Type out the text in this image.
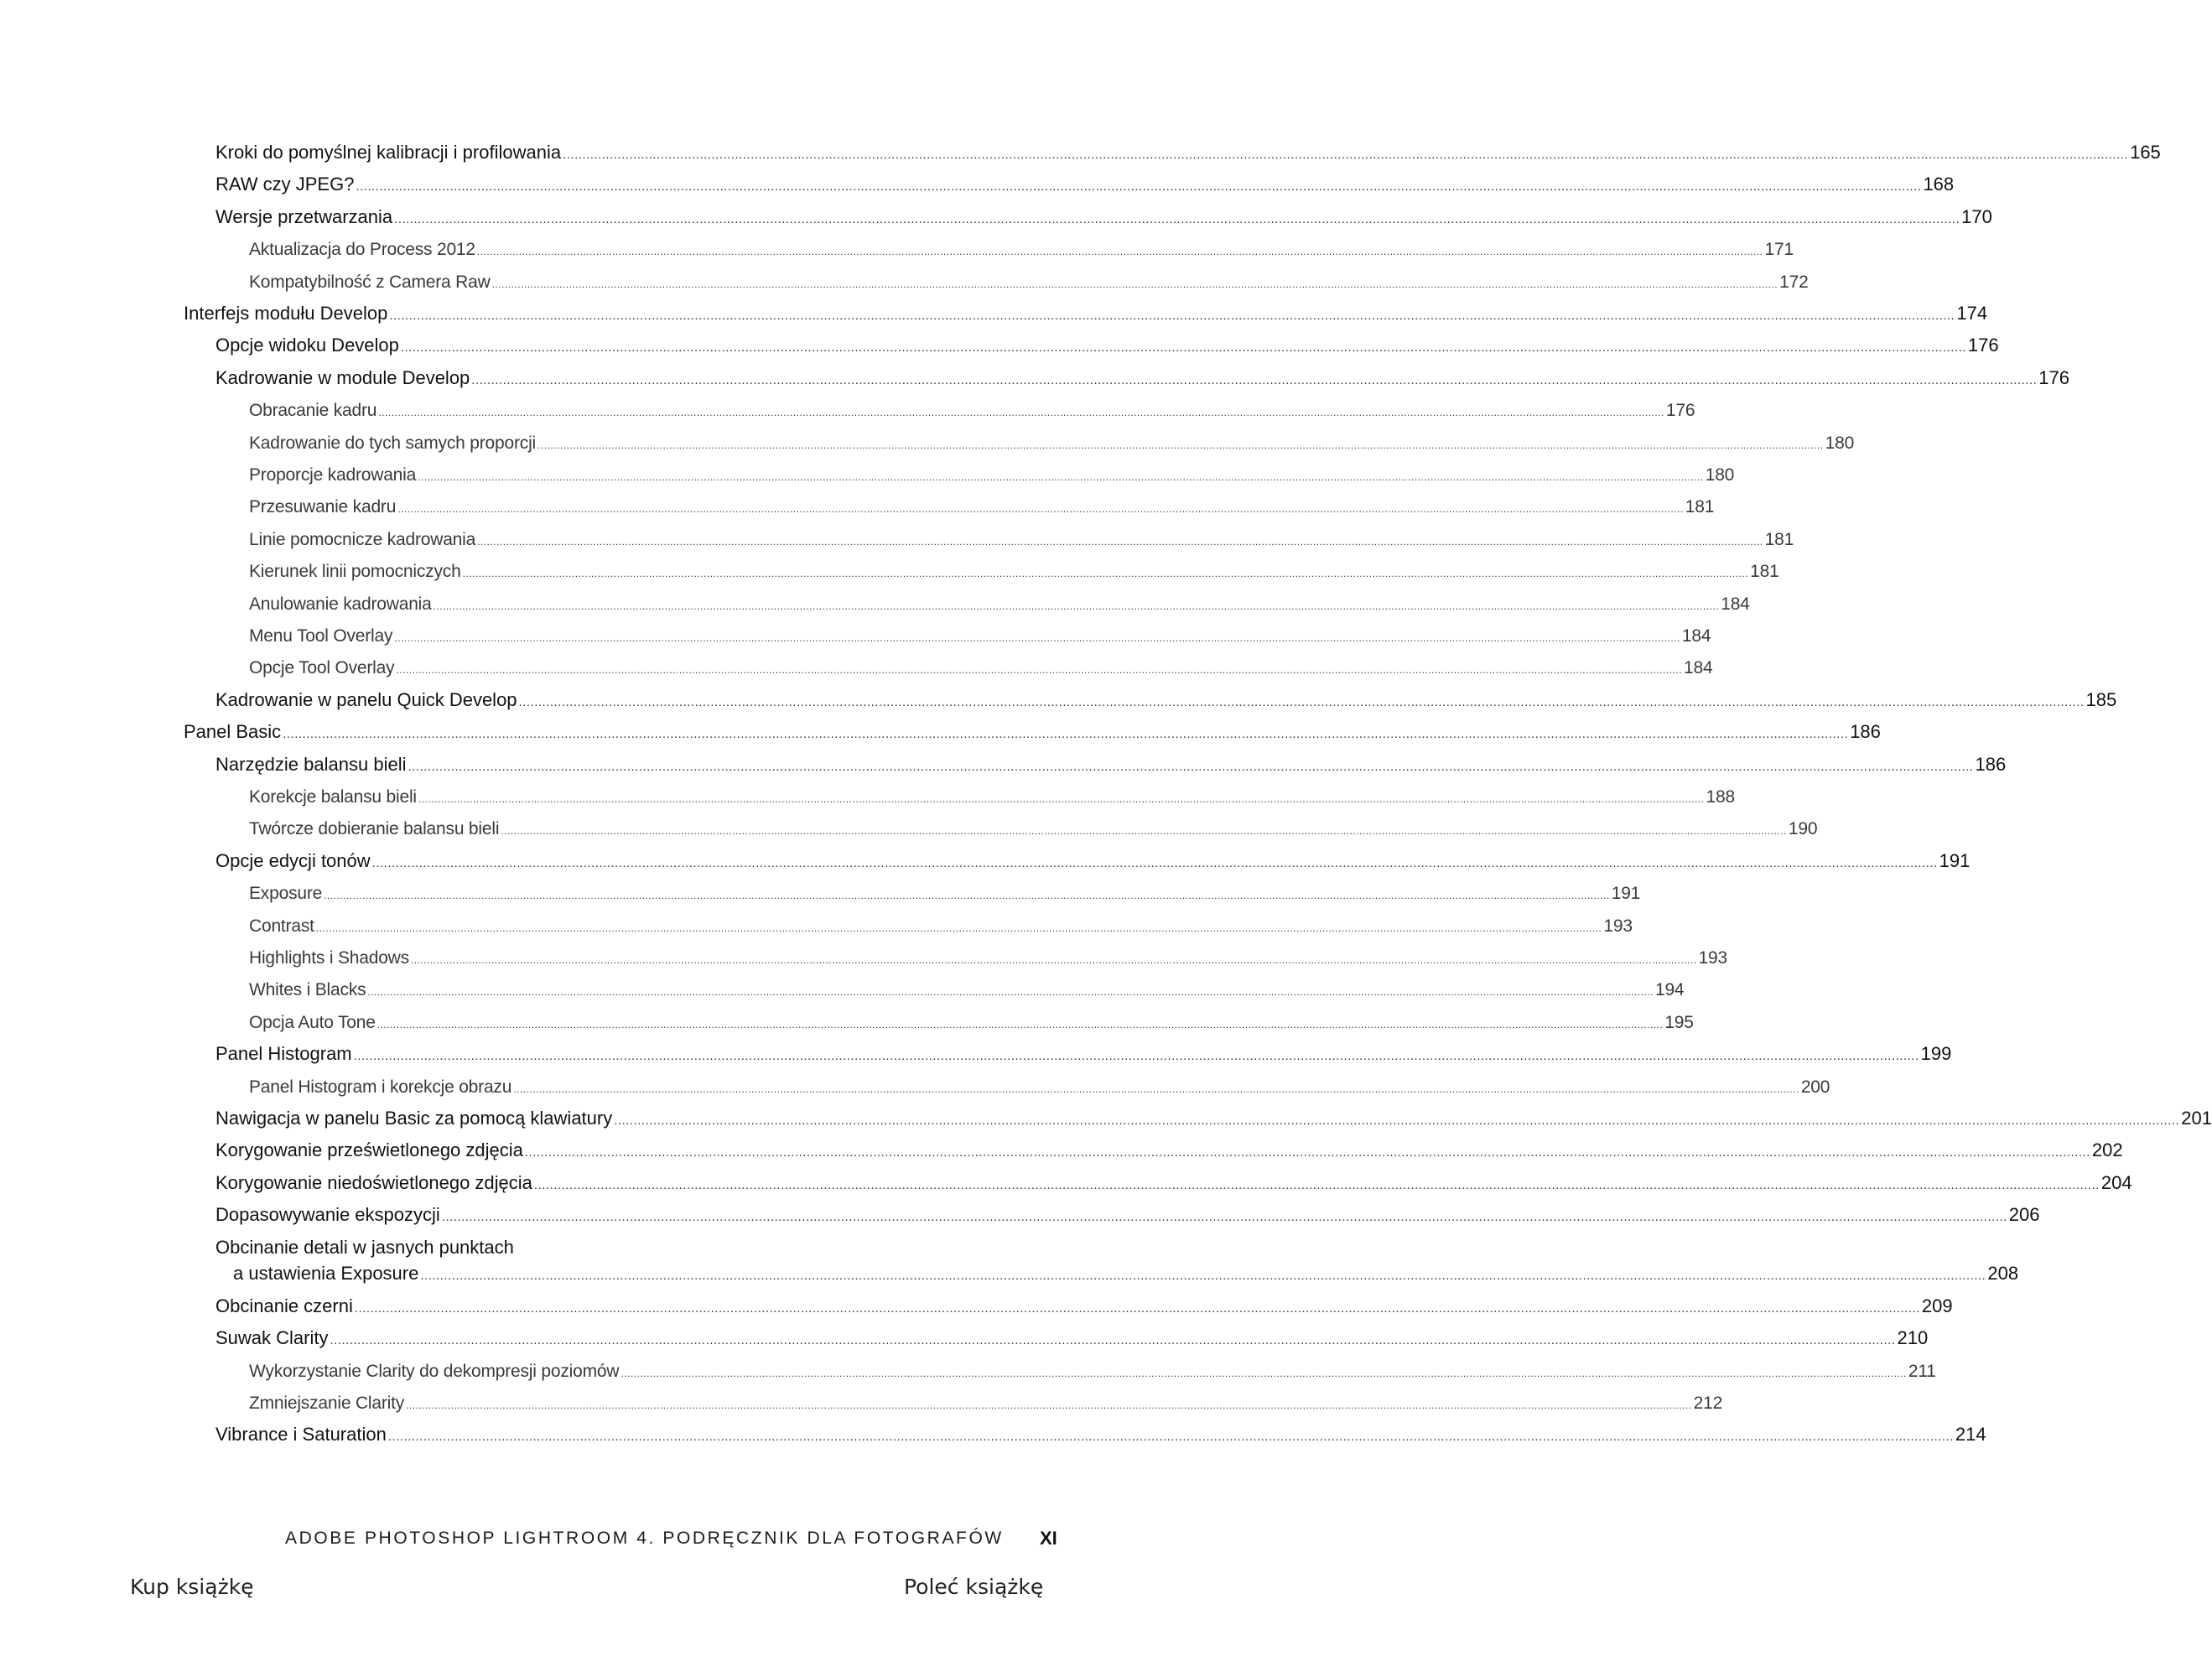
Kroki do pomyślnej kalibracji i profilowania ................................................................................................................................................................................................................................................................................................................................................................................................................ 165
RAW czy JPEG? ................................................................................................................................................................................................................................................................................................................................................................................................................ 168
Wersje przetwarzania ................................................................................................................................................................................................................................................................................................................................................................................................................ 170
Aktualizacja do Process 2012 ................................................................................................................................................................................................................................................................................................................................................................................................................ 171
Kompatybilność z Camera Raw ................................................................................................................................................................................................................................................................................................................................................................................................................ 172
Interfejs modułu Develop ................................................................................................................................................................................................................................................................................................................................................................................................................ 174
Opcje widoku Develop ................................................................................................................................................................................................................................................................................................................................................................................................................ 176
Kadrowanie w module Develop ................................................................................................................................................................................................................................................................................................................................................................................................................ 176
Obracanie kadru ................................................................................................................................................................................................................................................................................................................................................................................................................ 176
Kadrowanie do tych samych proporcji ................................................................................................................................................................................................................................................................................................................................................................................................................ 180
Proporcje kadrowania ................................................................................................................................................................................................................................................................................................................................................................................................................ 180
Przesuwanie kadru ................................................................................................................................................................................................................................................................................................................................................................................................................ 181
Linie pomocnicze kadrowania ................................................................................................................................................................................................................................................................................................................................................................................................................ 181
Kierunek linii pomocniczych ................................................................................................................................................................................................................................................................................................................................................................................................................ 181
Anulowanie kadrowania ................................................................................................................................................................................................................................................................................................................................................................................................................ 184
Menu Tool Overlay ................................................................................................................................................................................................................................................................................................................................................................................................................ 184
Opcje Tool Overlay ................................................................................................................................................................................................................................................................................................................................................................................................................ 184
Kadrowanie w panelu Quick Develop ................................................................................................................................................................................................................................................................................................................................................................................................................ 185
Panel Basic ................................................................................................................................................................................................................................................................................................................................................................................................................ 186
Narzędzie balansu bieli ................................................................................................................................................................................................................................................................................................................................................................................................................ 186
Korekcje balansu bieli ................................................................................................................................................................................................................................................................................................................................................................................................................ 188
Twórcze dobieranie balansu bieli ................................................................................................................................................................................................................................................................................................................................................................................................................ 190
Opcje edycji tonów ................................................................................................................................................................................................................................................................................................................................................................................................................ 191
Exposure ................................................................................................................................................................................................................................................................................................................................................................................................................ 191
Contrast ................................................................................................................................................................................................................................................................................................................................................................................................................ 193
Highlights i Shadows ................................................................................................................................................................................................................................................................................................................................................................................................................ 193
Whites i Blacks ................................................................................................................................................................................................................................................................................................................................................................................................................ 194
Opcja Auto Tone ................................................................................................................................................................................................................................................................................................................................................................................................................ 195
Panel Histogram ................................................................................................................................................................................................................................................................................................................................................................................................................ 199
Panel Histogram i korekcje obrazu ................................................................................................................................................................................................................................................................................................................................................................................................................ 200
Nawigacja w panelu Basic za pomocą klawiatury ................................................................................................................................................................................................................................................................................................................................................................................................................ 201
Korygowanie prześwietlonego zdjęcia ................................................................................................................................................................................................................................................................................................................................................................................................................ 202
Korygowanie niedoświetlonego zdjęcia ................................................................................................................................................................................................................................................................................................................................................................................................................ 204
Dopasowywanie ekspozycji ................................................................................................................................................................................................................................................................................................................................................................................................................ 206
Obcinanie detali w jasnych punktach
a ustawienia Exposure ................................................................................................................................................................................................................................................................................................................................................................................................................ 208
Obcinanie czerni ................................................................................................................................................................................................................................................................................................................................................................................................................ 209
Suwak Clarity ................................................................................................................................................................................................................................................................................................................................................................................................................ 210
Wykorzystanie Clarity do dekompresji poziomów ................................................................................................................................................................................................................................................................................................................................................................................................................ 211
Zmniejszanie Clarity ................................................................................................................................................................................................................................................................................................................................................................................................................ 212
Vibrance i Saturation ................................................................................................................................................................................................................................................................................................................................................................................................................ 214
ADOBE PHOTOSHOP LIGHTROOM 4. PODRĘCZNIK DLA FOTOGRAFÓW XI
Kup książkę	Poleć książkę
